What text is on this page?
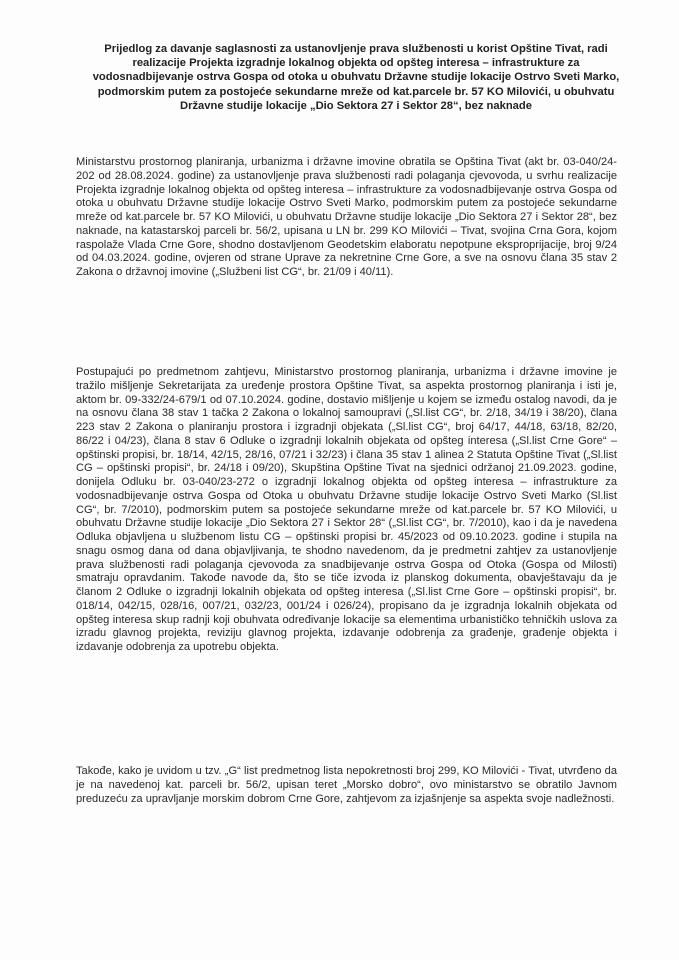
Prijedlog za davanje saglasnosti za ustanovljenje prava službenosti u korist Opštine Tivat, radi realizacije Projekta izgradnje lokalnog objekta od opšteg interesa – infrastrukture za vodosnadbijevanje ostrva Gospa od otoka u obuhvatu Državne studije lokacije Ostrvo Sveti Marko, podmorskim putem za postojeće sekundarne mreže od kat.parcele br. 57 KO Milovići, u obuhvatu Državne studije lokacije „Dio Sektora 27 i Sektor 28“, bez naknade

Ministarstvu prostornog planiranja, urbanizma i državne imovine obratila se Opština Tivat (akt br. 03-040/24-202 od 28.08.2024. godine) za ustanovljenje prava službenosti radi polaganja cjevovoda, u svrhu realizacije Projekta izgradnje lokalnog objekta od opšteg interesa – infrastrukture za vodosnadbijevanje ostrva Gospa od otoka u obuhvatu Državne studije lokacije Ostrvo Sveti Marko, podmorskim putem za postojeće sekundarne mreže od kat.parcele br. 57 KO Milovići, u obuhvatu Državne studije lokacije „Dio Sektora 27 i Sektor 28“, bez naknade, na katastarskoj parceli br. 56/2, upisana u LN br. 299 KO Milovići – Tivat, svojina Crna Gora, kojom raspolaže Vlada Crne Gore, shodno dostavljenom Geodetskim elaboratu nepotpune eksproprijacije, broj 9/24 od 04.03.2024. godine, ovjeren od strane Uprave za nekretnine Crne Gore, a sve na osnovu člana 35 stav 2 Zakona o državnoj imovine („Službeni list CG“, br. 21/09 i 40/11).

Postupajući po predmetnom zahtjevu, Ministarstvo prostornog planiranja, urbanizma i državne imovine je tražilo mišljenje Sekretarijata za uređenje prostora Opštine Tivat, sa aspekta prostornog planiranja i isti je, aktom br. 09-332/24-679/1 od 07.10.2024. godine, dostavio mišljenje u kojem se između ostalog navodi, da je na osnovu člana 38 stav 1 tačka 2 Zakona o lokalnoj samoupravi („Sl.list CG“, br. 2/18, 34/19 i 38/20), člana 223 stav 2 Zakona o planiranju prostora i izgradnji objekata („Sl.list CG“, broj 64/17, 44/18, 63/18, 82/20, 86/22 i 04/23), člana 8 stav 6 Odluke o izgradnji lokalnih objekata od opšteg interesa („Sl.list Crne Gore“ – opštinski propisi, br. 18/14, 42/15, 28/16, 07/21 i 32/23) i člana 35 stav 1 alinea 2 Statuta Opštine Tivat („Sl.list CG – opštinski propisi“, br. 24/18 i 09/20), Skupština Opštine Tivat na sjednici održanoj 21.09.2023. godine, donijela Odluku br. 03-040/23-272 o izgradnji lokalnog objekta od opšteg interesa – infrastrukture za vodosnadbijevanje ostrva Gospa od Otoka u obuhvatu Državne studije lokacije Ostrvo Sveti Marko (Sl.list CG“, br. 7/2010), podmorskim putem sa postojeće sekundarne mreže od kat.parcele br. 57 KO Milovići, u obuhvatu Državne studije lokacije „Dio Sektora 27 i Sektor 28“ („Sl.list CG“, br. 7/2010), kao i da je navedena Odluka objavljena u službenom listu CG – opštinski propisi br. 45/2023 od 09.10.2023. godine i stupila na snagu osmog dana od dana objavljivanja, te shodno navedenom, da je predmetni zahtjev za ustanovljenje prava službenosti radi polaganja cjevovoda za snadbijevanje ostrva Gospa od Otoka (Gospa od Milosti) smatraju opravdanim. Takođe navode da, što se tiče izvoda iz planskog dokumenta, obavještavaju da je članom 2 Odluke o izgradnji lokalnih objekata od opšteg interesa („Sl.list Crne Gore – opštinski propisi“, br. 018/14, 042/15, 028/16, 007/21, 032/23, 001/24 i 026/24), propisano da je izgradnja lokalnih objekata od opšteg interesa skup radnji koji obuhvata određivanje lokacije sa elementima urbanističko tehničkih uslova za izradu glavnog projekta, reviziju glavnog projekta, izdavanje odobrenja za građenje, građenje objekta i izdavanje odobrenja za upotrebu objekta.

Takođe, kako je uvidom u tzv. „G“ list predmetnog lista nepokretnosti broj 299, KO Milovići - Tivat, utvrđeno da je na navedenoj kat. parceli br. 56/2, upisan teret „Morsko dobro“, ovo ministarstvo se obratilo Javnom preduzeću za upravljanje morskim dobrom Crne Gore, zahtjevom za izjašnjenje sa aspekta svoje nadležnosti.
